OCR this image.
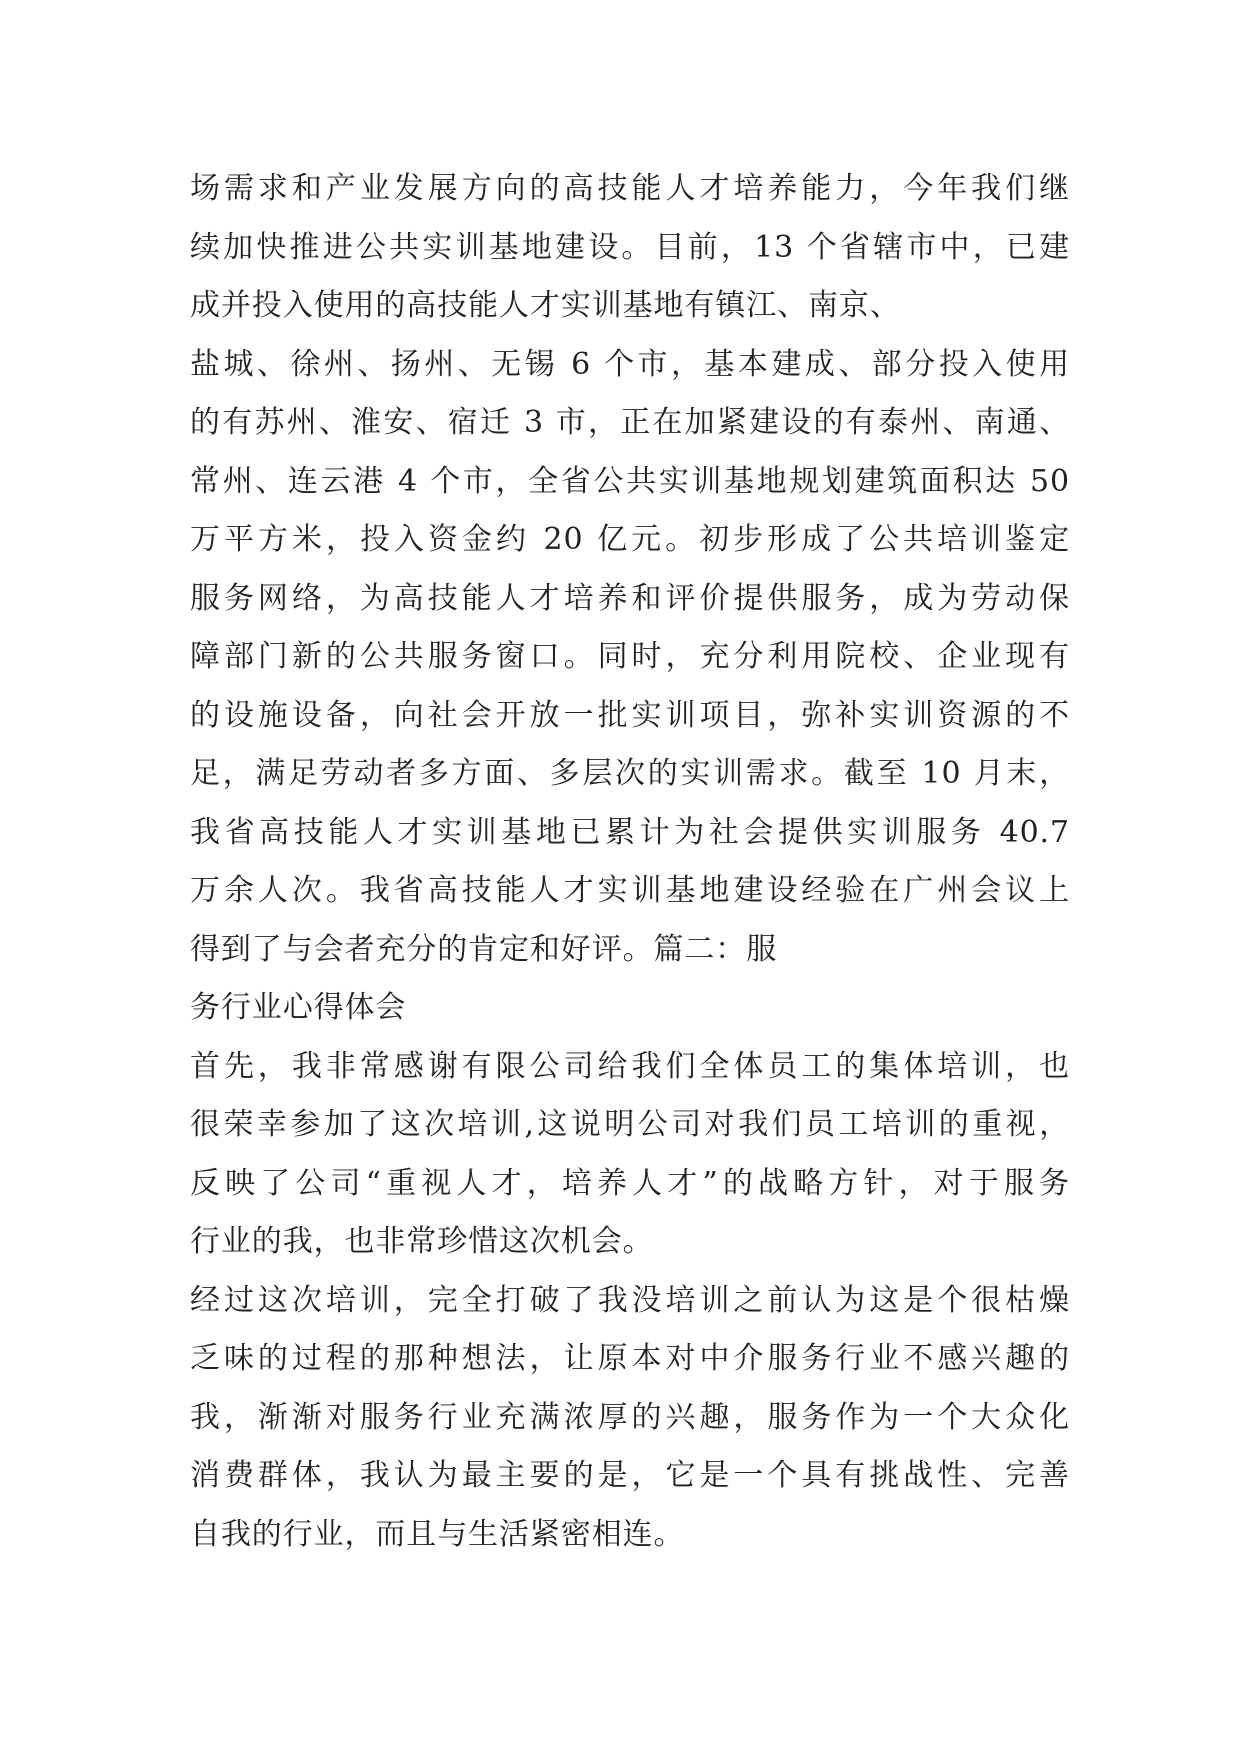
场需求和产业发展方向的高技能人才培养能力，今年我们继
续加快推进公共实训基地建设。目前，13 个省辖市中，已建
成并投入使用的高技能人才实训基地有镇江、南京、
盐城、徐州、扬州、无锡 6 个市，基本建成、部分投入使用
的有苏州、淮安、宿迁 3 市，正在加紧建设的有泰州、南通、
常州、连云港 4 个市，全省公共实训基地规划建筑面积达 50
万平方米，投入资金约 20 亿元。初步形成了公共培训鉴定
服务网络，为高技能人才培养和评价提供服务，成为劳动保
障部门新的公共服务窗口。同时，充分利用院校、企业现有
的设施设备，向社会开放一批实训项目，弥补实训资源的不
足，满足劳动者多方面、多层次的实训需求。截至 10 月末，
我省高技能人才实训基地已累计为社会提供实训服务 40.7
万余人次。我省高技能人才实训基地建设经验在广州会议上
得到了与会者充分的肯定和好评。篇二：服
务行业心得体会
首先，我非常感谢有限公司给我们全体员工的集体培训，也
很荣幸参加了这次培训,这说明公司对我们员工培训的重视，
反映了公司“重视人才，培养人才”的战略方针，对于服务
行业的我，也非常珍惜这次机会。
经过这次培训，完全打破了我没培训之前认为这是个很枯燥
乏味的过程的那种想法，让原本对中介服务行业不感兴趣的
我，渐渐对服务行业充满浓厚的兴趣，服务作为一个大众化
消费群体，我认为最主要的是，它是一个具有挑战性、完善
自我的行业，而且与生活紧密相连。
